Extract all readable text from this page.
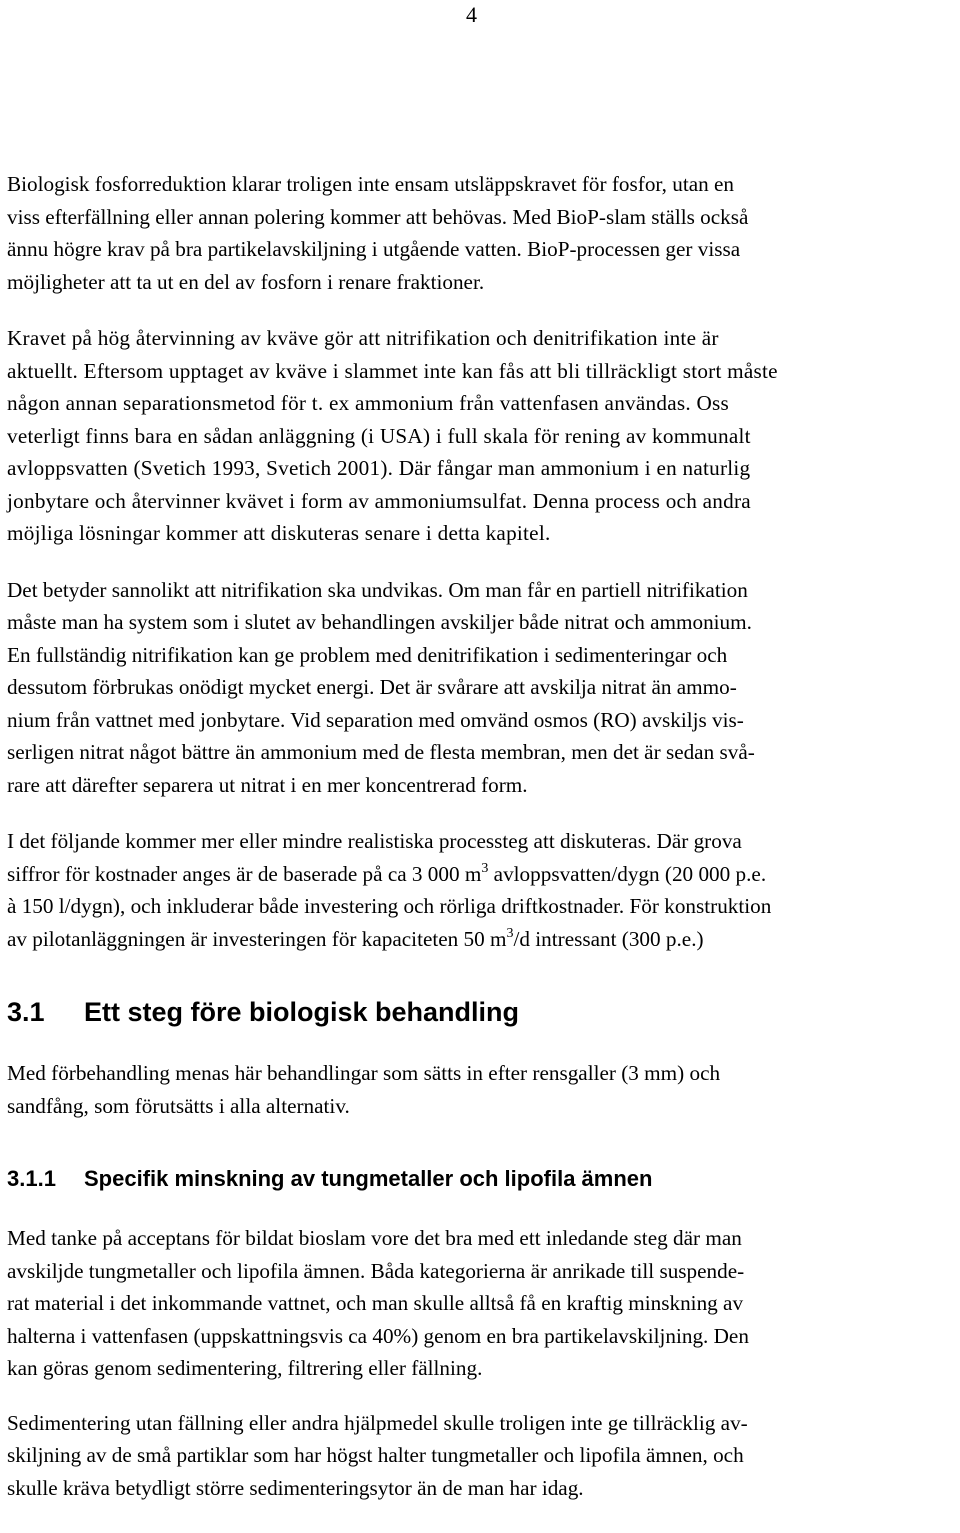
4

Biologisk fosforreduktion klarar troligen inte ensam utsläppskravet för fosfor, utan en
viss efterfällning eller annan polering kommer att behövas. Med BioP-slam ställs också
ännu högre krav på bra partikelavskiljning i utgående vatten. BioP-processen ger vissa
möjligheter att ta ut en del av fosforn i renare fraktioner.

Kravet på hög återvinning av kväve gör att nitrifikation och denitrifikation inte är
aktuellt. Eftersom upptaget av kväve i slammet inte kan fås att bli tillräckligt stort måste
någon annan separationsmetod för t. ex ammonium från vattenfasen användas. Oss
veterligt finns bara en sådan anläggning (i USA) i full skala för rening av kommunalt
avloppsvatten (Svetich 1993, Svetich 2001). Där fångar man ammonium i en naturlig
jonbytare och återvinner kvävet i form av ammoniumsulfat. Denna process och andra
möjliga lösningar kommer att diskuteras senare i detta kapitel.

Det betyder sannolikt att nitrifikation ska undvikas. Om man får en partiell nitrifikation
måste man ha system som i slutet av behandlingen avskiljer både nitrat och ammonium.
En fullständig nitrifikation kan ge problem med denitrifikation i sedimenteringar och
dessutom förbrukas onödigt mycket energi. Det är svårare att avskilja nitrat än ammo-
nium från vattnet med jonbytare. Vid separation med omvänd osmos (RO) avskiljs vis-
serligen nitrat något bättre än ammonium med de flesta membran, men det är sedan svå-
rare att därefter separera ut nitrat i en mer koncentrerad form.

I det följande kommer mer eller mindre realistiska processteg att diskuteras. Där grova
siffror för kostnader anges är de baserade på ca 3 000 $m^3$ avloppsvatten/dygn (20 000 p.e.
à 150 l/dygn), och inkluderar både investering och rörliga driftkostnader. För konstruktion
av pilotanläggningen är investeringen för kapaciteten 50 $m^3/d$ intressant (300 p.e.)

3.1	Ett steg före biologisk behandling

Med förbehandling menas här behandlingar som sätts in efter rensgaller (3 mm) och
sandfång, som förutsätts i alla alternativ.

3.1.1	Specifik minskning av tungmetaller och lipofila ämnen

Med tanke på acceptans för bildat bioslam vore det bra med ett inledande steg där man
avskiljde tungmetaller och lipofila ämnen. Båda kategorierna är anrikade till suspende-
rat material i det inkommande vattnet, och man skulle alltså få en kraftig minskning av
halterna i vattenfasen (uppskattningsvis ca 40%) genom en bra partikelavskiljning. Den
kan göras genom sedimentering, filtrering eller fällning.

Sedimentering utan fällning eller andra hjälpmedel skulle troligen inte ge tillräcklig av-
skiljning av de små partiklar som har högst halter tungmetaller och lipofila ämnen, och
skulle kräva betydligt större sedimenteringsytor än de man har idag.
